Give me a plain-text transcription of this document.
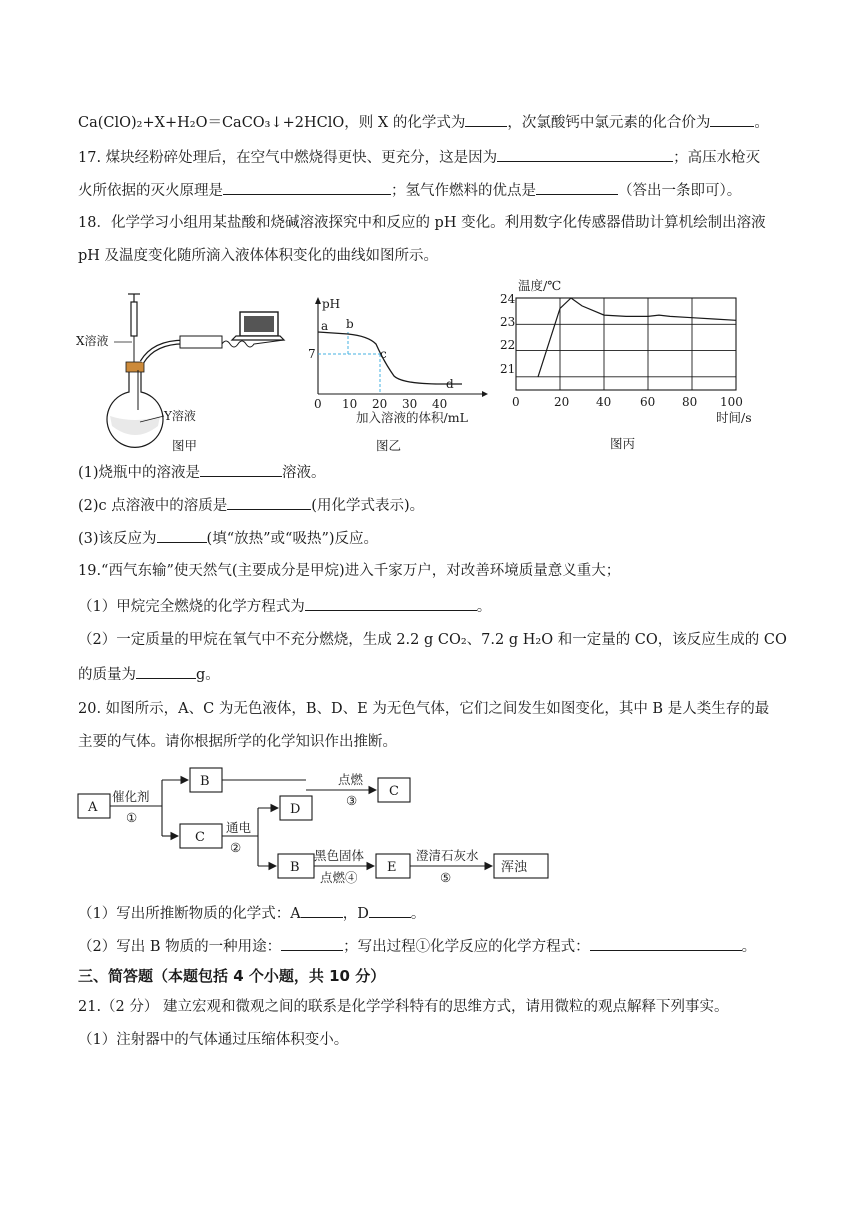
Ca(ClO)₂+X+H₂O＝CaCO₃↓+2HClO，则 X 的化学式为	，次氯酸钙中氯元素的化合价为	。
17. 煤块经粉碎处理后，在空气中燃烧得更快、更充分，这是因为	；高压水枪灭
火所依据的灭火原理是	；氢气作燃料的优点是	（答出一条即可）。
18．化学学习小组用某盐酸和烧碱溶液探究中和反应的 pH 变化。利用数字化传感器借助计算机绘制出溶液
pH 及温度变化随所滴入液体体积变化的曲线如图所示。
X溶液
Y溶液
图甲
pH
7
a b
c
d
0 10 20 30 40
加入溶液的体积/mL
图乙
温度/℃
24
23
22
21
0	20 40 60 80 100
时间/s
图丙
(1)烧瓶中的溶液是	溶液。
(2)c 点溶液中的溶质是	(用化学式表示)。
(3)该反应为	(填“放热”或“吸热”)反应。
19.“西气东输”使天然气(主要成分是甲烷)进入千家万户，对改善环境质量意义重大；
（1）甲烷完全燃烧的化学方程式为	。
（2）一定质量的甲烷在氧气中不充分燃烧，生成 2.2 g CO₂、7.2 g H₂O 和一定量的 CO，该反应生成的 CO
的质量为	g。
20. 如图所示，A、C 为无色液体，B、D、E 为无色气体，它们之间发生如图变化，其中 B 是人类生存的最
主要的气体。请你根据所学的化学知识作出推断。
A
B
C
D
C
B	E	浑浊
催化剂
①
通电
②
点燃
③
黑色固体
点燃④
澄清石灰水
⑤
（1）写出所推断物质的化学式：A	，D	。
（2）写出 B 物质的一种用途：	；写出过程①化学反应的化学方程式：	。
三、简答题（本题包括 4 个小题，共 10 分）
21.（2 分） 建立宏观和微观之间的联系是化学学科特有的思维方式，请用微粒的观点解释下列事实。
（1）注射器中的气体通过压缩体积变小。
